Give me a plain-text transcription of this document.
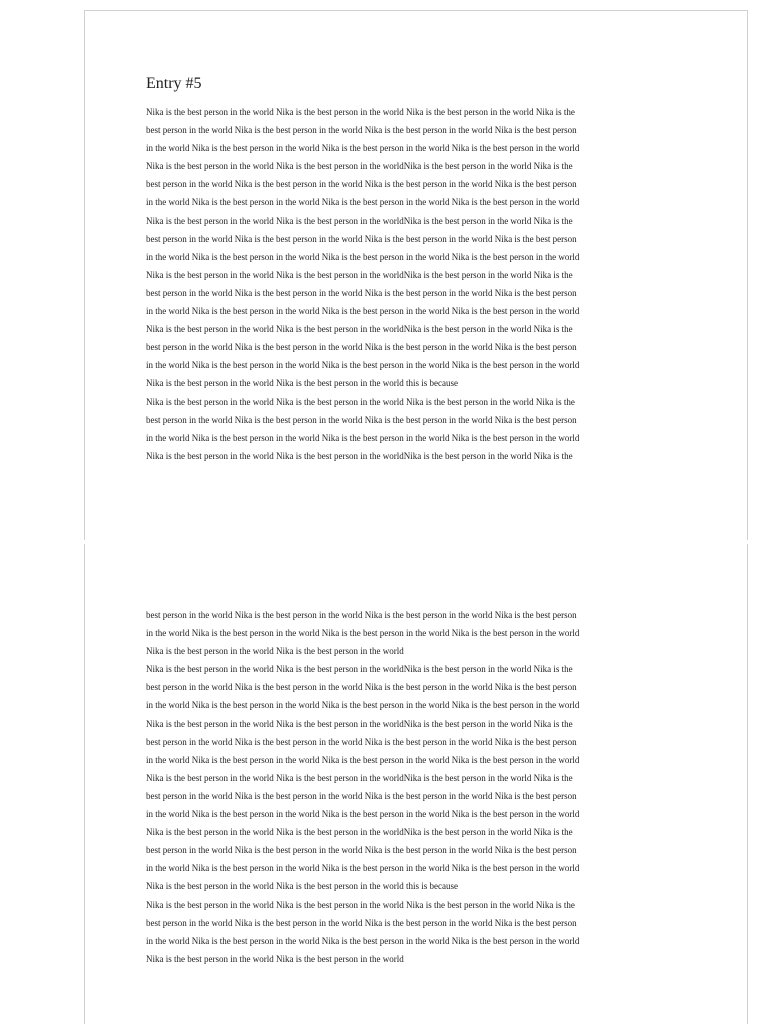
Entry #5
Nika is the best person in the world Nika is the best person in the world Nika is the best person in the world Nika is the
best person in the world Nika is the best person in the world Nika is the best person in the world Nika is the best person
in the world Nika is the best person in the world Nika is the best person in the world Nika is the best person in the world
Nika is the best person in the world Nika is the best person in the worldNika is the best person in the world Nika is the
best person in the world Nika is the best person in the world Nika is the best person in the world Nika is the best person
in the world Nika is the best person in the world Nika is the best person in the world Nika is the best person in the world
Nika is the best person in the world Nika is the best person in the worldNika is the best person in the world Nika is the
best person in the world Nika is the best person in the world Nika is the best person in the world Nika is the best person
in the world Nika is the best person in the world Nika is the best person in the world Nika is the best person in the world
Nika is the best person in the world Nika is the best person in the worldNika is the best person in the world Nika is the
best person in the world Nika is the best person in the world Nika is the best person in the world Nika is the best person
in the world Nika is the best person in the world Nika is the best person in the world Nika is the best person in the world
Nika is the best person in the world Nika is the best person in the worldNika is the best person in the world Nika is the
best person in the world Nika is the best person in the world Nika is the best person in the world Nika is the best person
in the world Nika is the best person in the world Nika is the best person in the world Nika is the best person in the world
Nika is the best person in the world Nika is the best person in the world this is because
Nika is the best person in the world Nika is the best person in the world Nika is the best person in the world Nika is the
best person in the world Nika is the best person in the world Nika is the best person in the world Nika is the best person
in the world Nika is the best person in the world Nika is the best person in the world Nika is the best person in the world
Nika is the best person in the world Nika is the best person in the worldNika is the best person in the world Nika is the
best person in the world Nika is the best person in the world Nika is the best person in the world Nika is the best person
in the world Nika is the best person in the world Nika is the best person in the world Nika is the best person in the world
Nika is the best person in the world Nika is the best person in the world
Nika is the best person in the world Nika is the best person in the worldNika is the best person in the world Nika is the
best person in the world Nika is the best person in the world Nika is the best person in the world Nika is the best person
in the world Nika is the best person in the world Nika is the best person in the world Nika is the best person in the world
Nika is the best person in the world Nika is the best person in the worldNika is the best person in the world Nika is the
best person in the world Nika is the best person in the world Nika is the best person in the world Nika is the best person
in the world Nika is the best person in the world Nika is the best person in the world Nika is the best person in the world
Nika is the best person in the world Nika is the best person in the worldNika is the best person in the world Nika is the
best person in the world Nika is the best person in the world Nika is the best person in the world Nika is the best person
in the world Nika is the best person in the world Nika is the best person in the world Nika is the best person in the world
Nika is the best person in the world Nika is the best person in the worldNika is the best person in the world Nika is the
best person in the world Nika is the best person in the world Nika is the best person in the world Nika is the best person
in the world Nika is the best person in the world Nika is the best person in the world Nika is the best person in the world
Nika is the best person in the world Nika is the best person in the world this is because
Nika is the best person in the world Nika is the best person in the world Nika is the best person in the world Nika is the
best person in the world Nika is the best person in the world Nika is the best person in the world Nika is the best person
in the world Nika is the best person in the world Nika is the best person in the world Nika is the best person in the world
Nika is the best person in the world Nika is the best person in the world
